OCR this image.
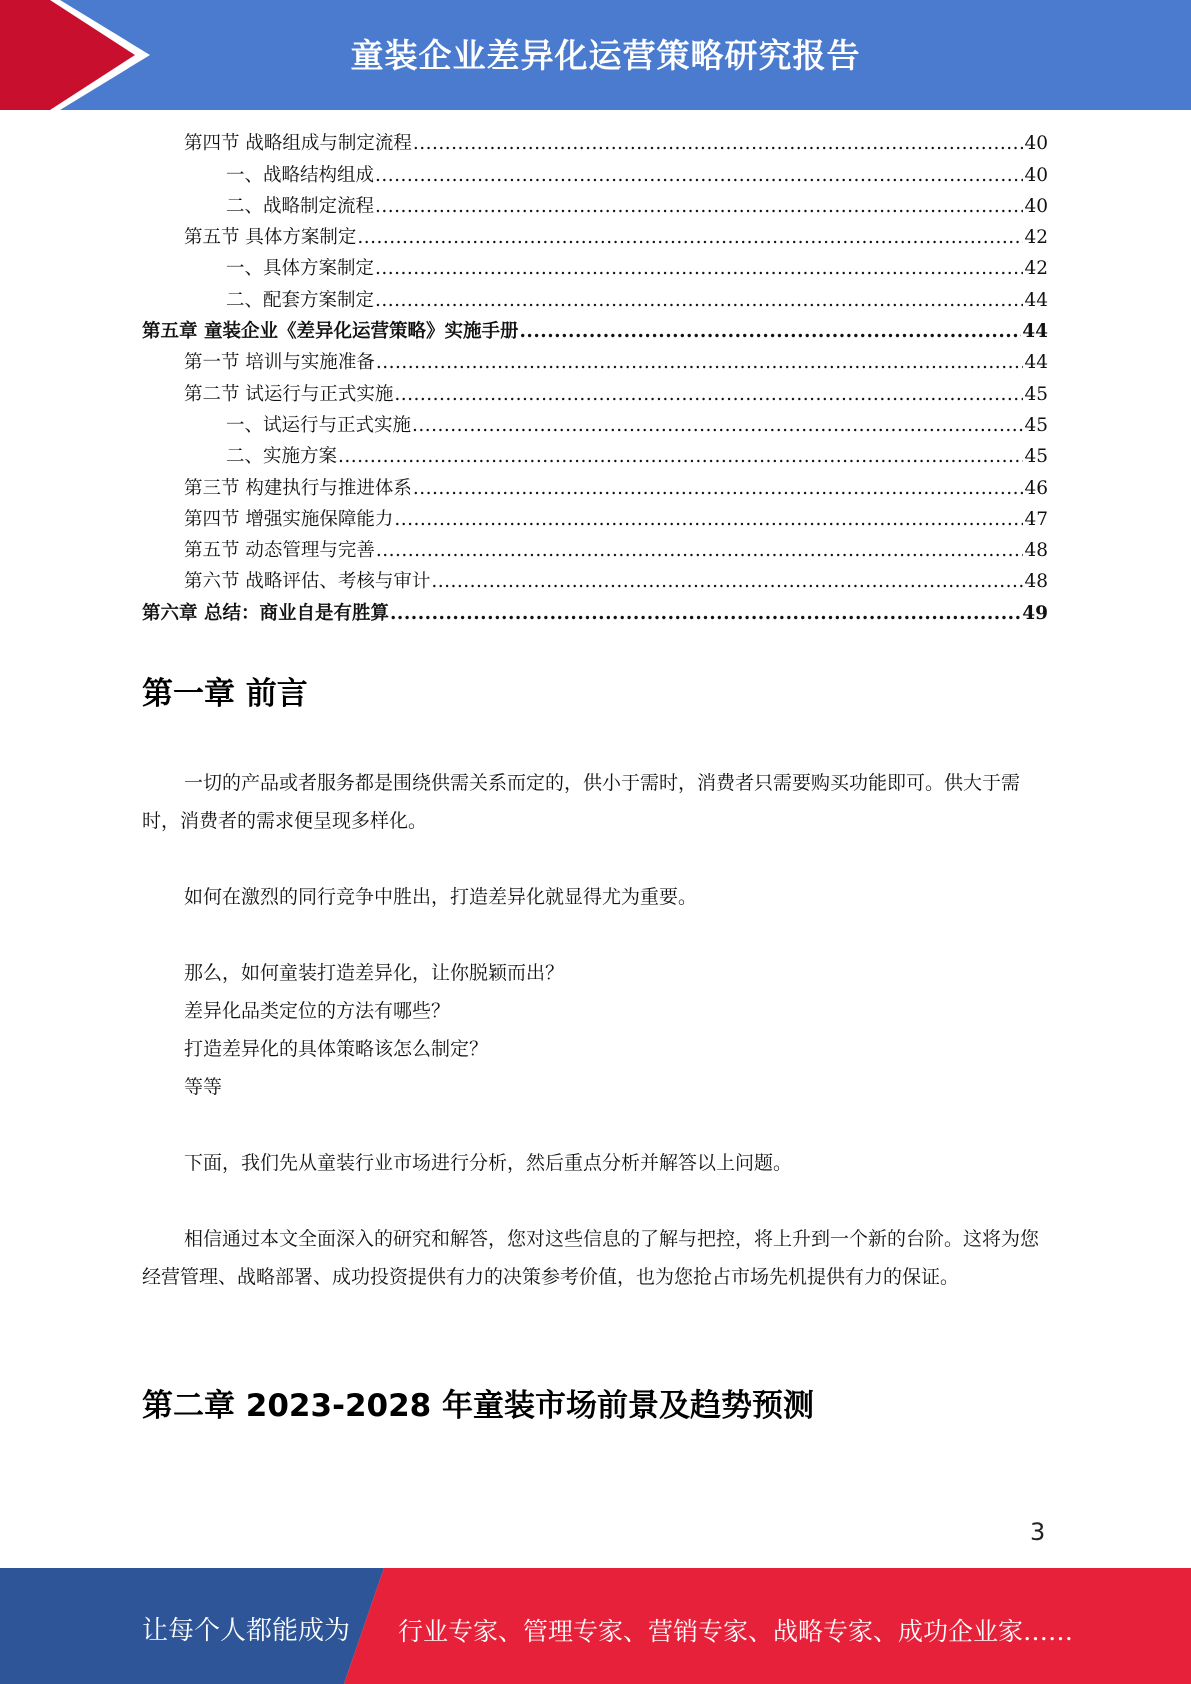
童装企业差异化运营策略研究报告
第四节 战略组成与制定流程 .....	40
一、战略结构组成 .....	40
二、战略制定流程 .....	40
第五节 具体方案制定 .....	42
一、具体方案制定 .....	42
二、配套方案制定 .....	44
第五章 童装企业《差异化运营策略》实施手册 .....	44
第一节 培训与实施准备 .....	44
第二节 试运行与正式实施 .....	45
一、试运行与正式实施 .....	45
二、实施方案 .....	45
第三节 构建执行与推进体系 .....	46
第四节 增强实施保障能力 .....	47
第五节 动态管理与完善 .....	48
第六节 战略评估、考核与审计 .....	48
第六章 总结：商业自是有胜算 .....	49
第一章 前言
一切的产品或者服务都是围绕供需关系而定的，供小于需时，消费者只需要购买功能即可。供大于需时，消费者的需求便呈现多样化。
如何在激烈的同行竞争中胜出，打造差异化就显得尤为重要。
那么，如何童装打造差异化，让你脱颖而出？
差异化品类定位的方法有哪些？
打造差异化的具体策略该怎么制定？
等等
下面，我们先从童装行业市场进行分析，然后重点分析并解答以上问题。
相信通过本文全面深入的研究和解答，您对这些信息的了解与把控，将上升到一个新的台阶。这将为您经营管理、战略部署、成功投资提供有力的决策参考价值，也为您抢占市场先机提供有力的保证。
第二章 2023-2028 年童装市场前景及趋势预测
3
让每个人都能成为 行业专家、管理专家、营销专家、战略专家、成功企业家……
